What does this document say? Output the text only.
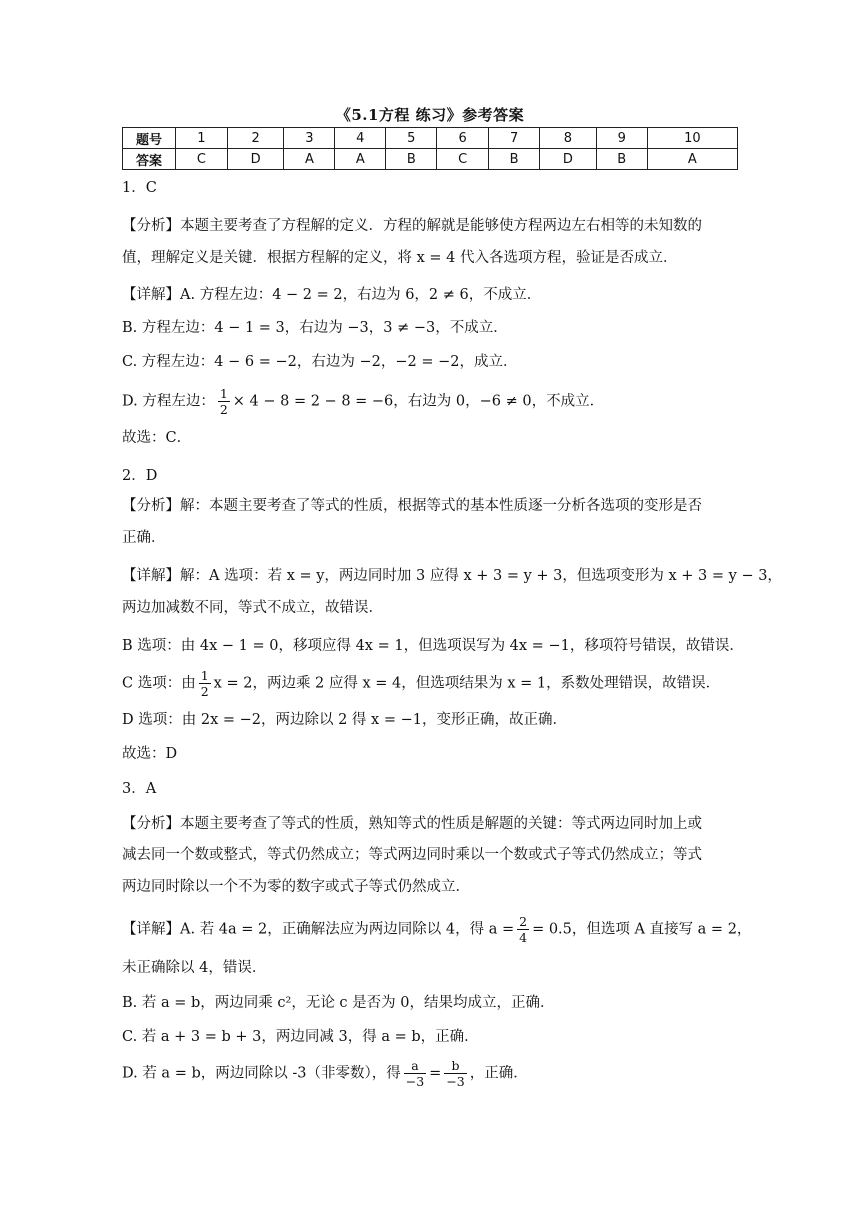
《5.1方程 练习》参考答案
题号	1	2	3	4	5	6	7	8	9	10
答案	C	D	A	A	B	C	B	D	B	A
1．C
【分析】本题主要考查了方程解的定义．方程的解就是能够使方程两边左右相等的未知数的
值，理解定义是关键．根据方程解的定义，将 x = 4 代入各选项方程，验证是否成立．
【详解】A. 方程左边：4 − 2 = 2，右边为 6，2 ≠ 6，不成立．
B. 方程左边：4 − 1 = 3，右边为 −3，3 ≠ −3，不成立．
C. 方程左边：4 − 6 = −2，右边为 −2，−2 = −2，成立．
D. 方程左边： $\frac{1}{2} \times 4 - 8 = 2 - 8 = -6$，右边为 0，−6 ≠ 0，不成立．
故选：C．
2．D
【分析】解：本题主要考查了等式的性质，根据等式的基本性质逐一分析各选项的变形是否
正确．
【详解】解：A 选项：若 x = y，两边同时加 3 应得 x + 3 = y + 3，但选项变形为 x + 3 = y − 3，
两边加减数不同，等式不成立，故错误．
B 选项：由 4x − 1 = 0，移项应得 4x = 1，但选项误写为 4x = −1，移项符号错误，故错误．
C 选项：由 $\frac{1}{2}$ x = 2，两边乘 2 应得 x = 4，但选项结果为 x = 1，系数处理错误，故错误．
D 选项：由 2x = −2，两边除以 2 得 x = −1，变形正确，故正确．
故选：D
3．A
【分析】本题主要考查了等式的性质，熟知等式的性质是解题的关键：等式两边同时加上或
减去同一个数或整式，等式仍然成立；等式两边同时乘以一个数或式子等式仍然成立；等式
两边同时除以一个不为零的数字或式子等式仍然成立．
【详解】A. 若 4a = 2，正确解法应为两边同除以 4，得 $a = \frac{2}{4} = 0.5$，但选项 A 直接写 a = 2，
未正确除以 4，错误．
B. 若 a = b，两边同乘 c²，无论 c 是否为 0，结果均成立，正确．
C. 若 a + 3 = b + 3，两边同减 3，得 a = b，正确．
D. 若 a = b，两边同除以 -3（非零数），得 $\frac{a}{-3} = \frac{b}{-3}$ ，正确．
